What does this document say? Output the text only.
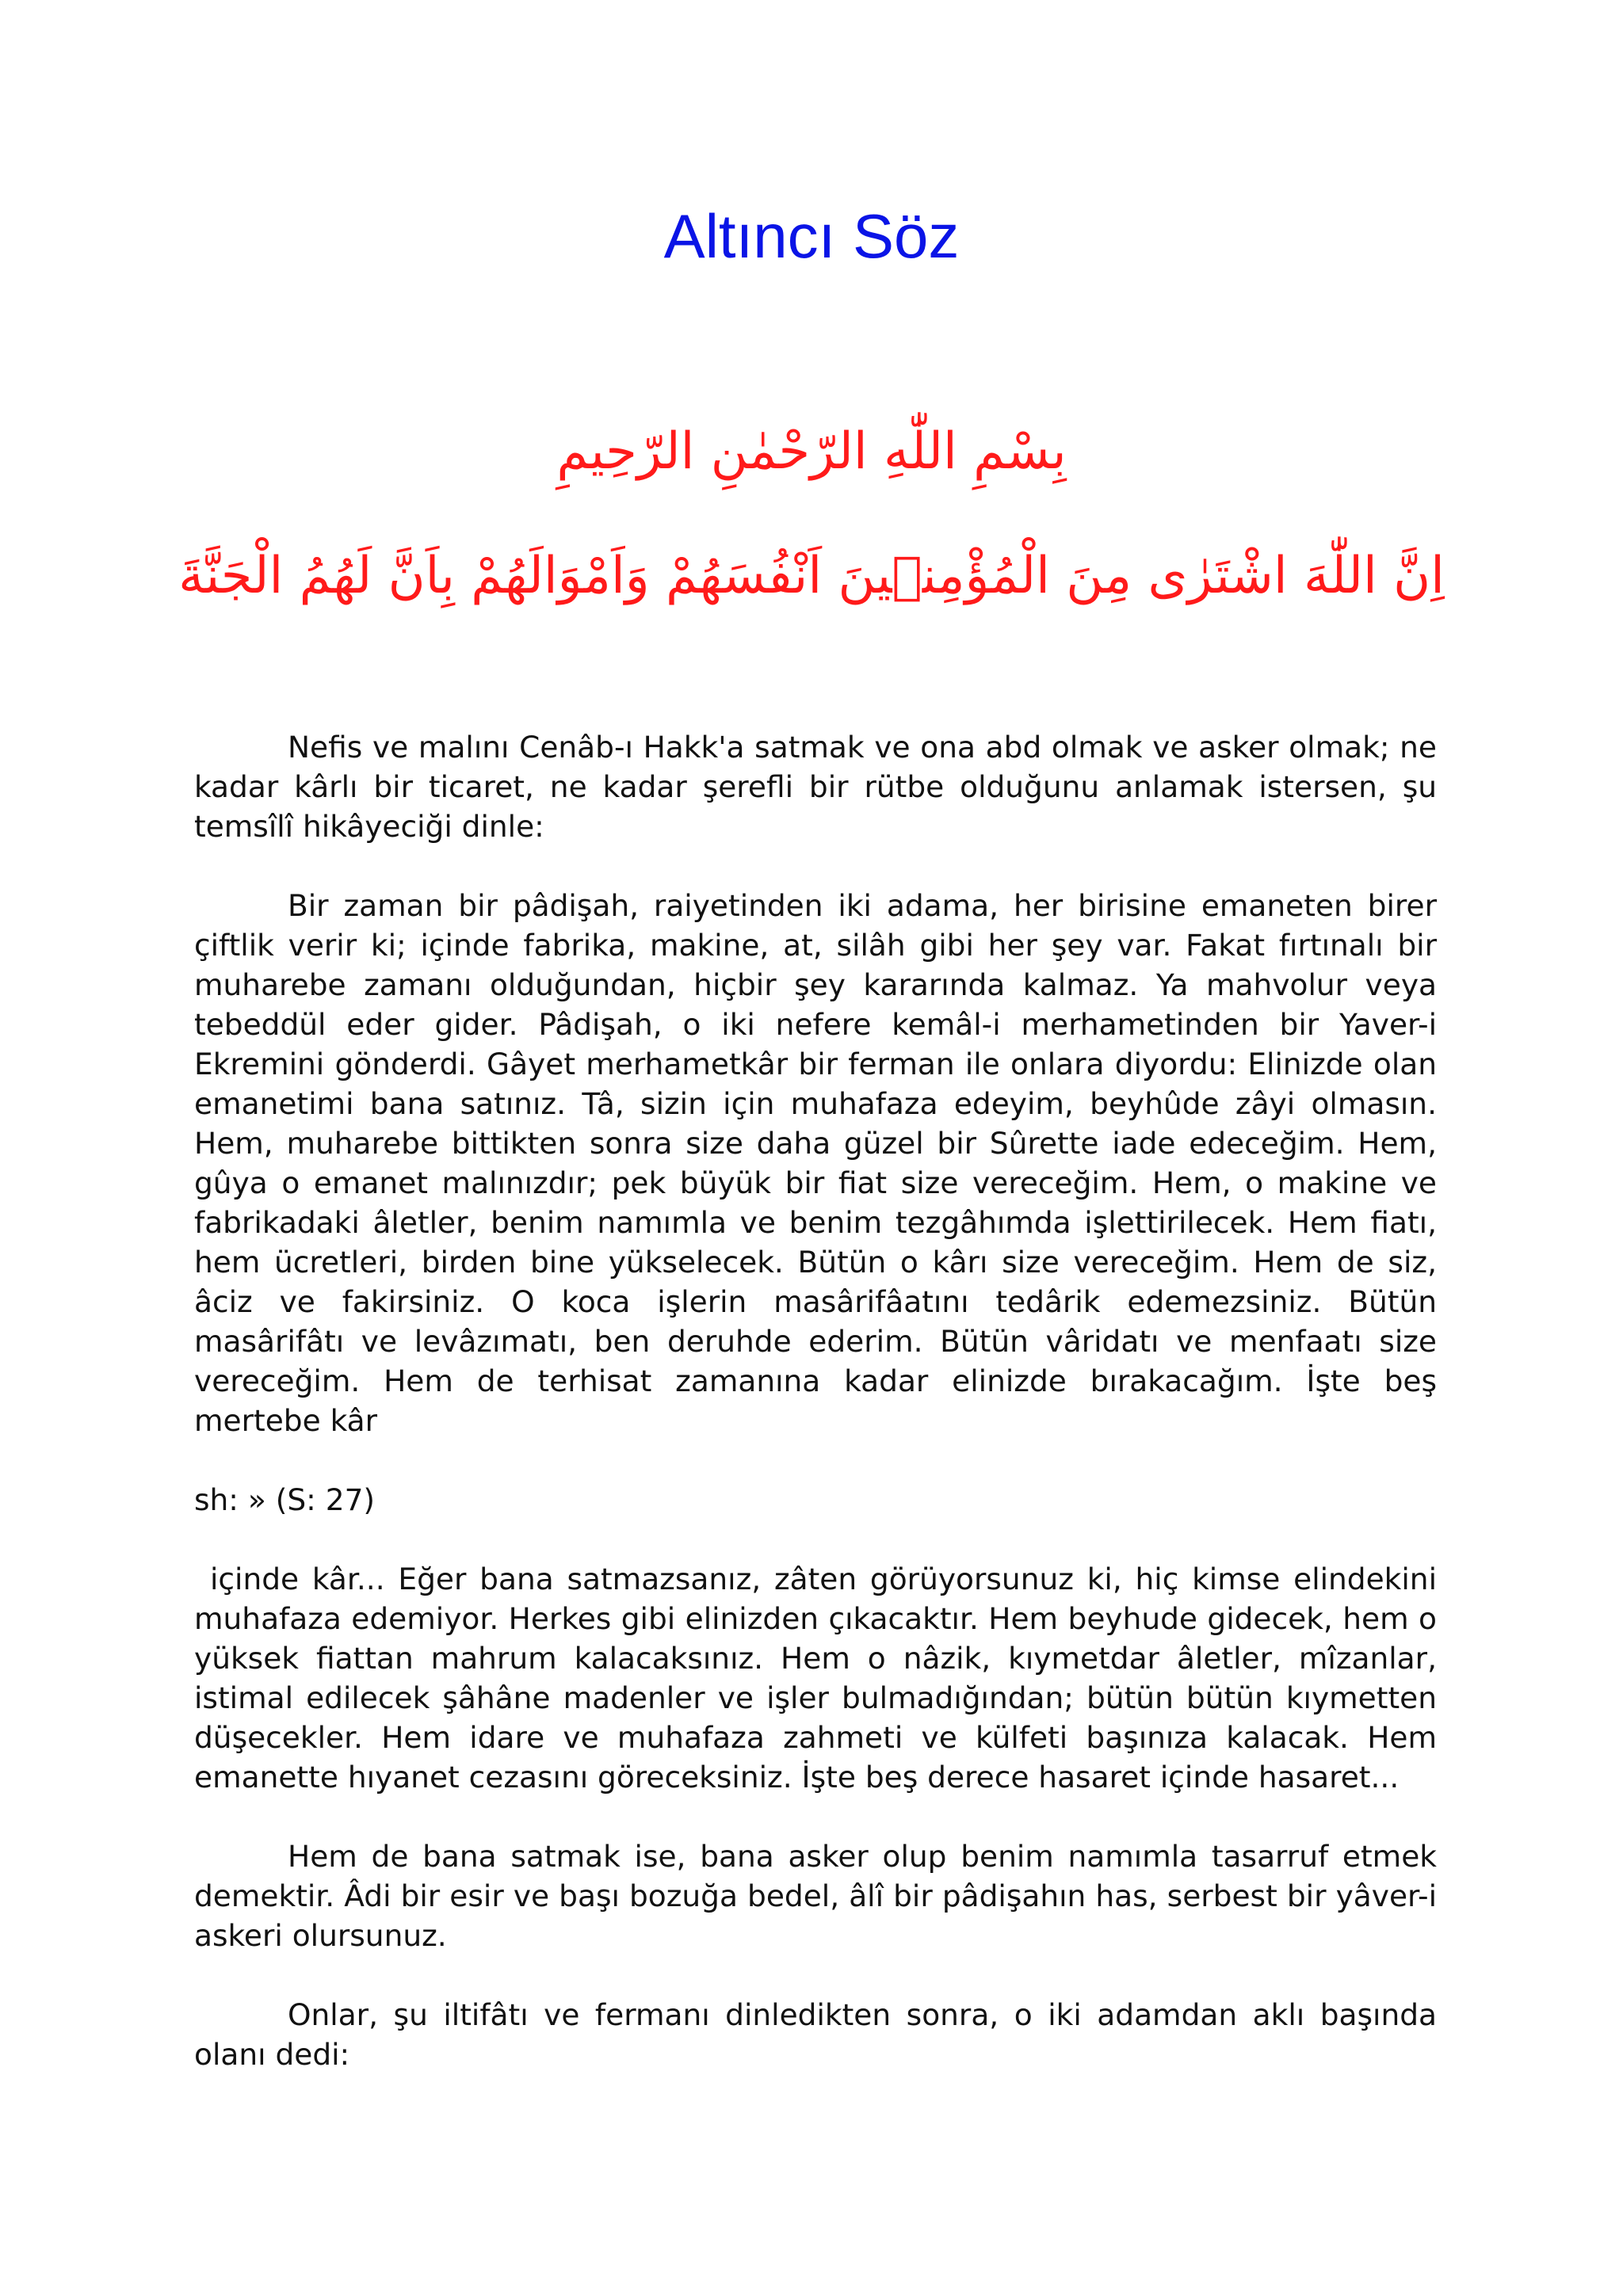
Altıncı Söz
بِسْمِ اللّٰهِ الرّحْمٰنِ الرّحِيمِ
اِنَّ اللّٰهَ اشْتَرٰى مِنَ الْمُؤْمِنٖينَ اَنْفُسَهُمْ وَاَمْوَالَهُمْ بِاَنَّ لَهُمُ الْجَنَّةَ

Nefis ve malını Cenâb-ı Hakk'a satmak ve ona abd olmak ve asker olmak; ne kadar kârlı bir ticaret, ne kadar şerefli bir rütbe olduğunu anlamak istersen, şu temsîlî hikâyeciği dinle:

Bir zaman bir pâdişah, raiyetinden iki adama, her birisine emaneten birer çiftlik verir ki; içinde fabrika, makine, at, silâh gibi her şey var. Fakat fırtınalı bir muharebe zamanı olduğundan, hiçbir şey kararında kalmaz. Ya mahvolur veya tebeddül eder gider. Pâdişah, o iki nefere kemâl-i merhametinden bir Yaver-i Ekremini gönderdi. Gâyet merhametkâr bir ferman ile onlara diyordu: Elinizde olan emanetimi bana satınız. Tâ, sizin için muhafaza edeyim, beyhûde zâyi olmasın. Hem, muharebe bittikten sonra size daha güzel bir Sûrette iade edeceğim. Hem, gûya o emanet malınızdır; pek büyük bir fiat size vereceğim. Hem, o makine ve fabrikadaki âletler, benim namımla ve benim tezgâhımda işlettirilecek. Hem fiatı, hem ücretleri, birden bine yükselecek. Bütün o kârı size vereceğim. Hem de siz, âciz ve fakirsiniz. O koca işlerin masârifâatını tedârik edemezsiniz. Bütün masârifâtı ve levâzımatı, ben deruhde ederim. Bütün vâridatı ve menfaatı size vereceğim. Hem de terhisat zamanına kadar elinizde bırakacağım. İşte beş mertebe kâr

sh: » (S: 27)

içinde kâr... Eğer bana satmazsanız, zâten görüyorsunuz ki, hiç kimse elindekini muhafaza edemiyor. Herkes gibi elinizden çıkacaktır. Hem beyhude gidecek, hem o yüksek fiattan mahrum kalacaksınız. Hem o nâzik, kıymetdar âletler, mîzanlar, istimal edilecek şâhâne madenler ve işler bulmadığından; bütün bütün kıymetten düşecekler. Hem idare ve muhafaza zahmeti ve külfeti başınıza kalacak. Hem emanette hıyanet cezasını göreceksiniz. İşte beş derece hasaret içinde hasaret...

Hem de bana satmak ise, bana asker olup benim namımla tasarruf etmek demektir. Âdi bir esir ve başı bozuğa bedel, âlî bir pâdişahın has, serbest bir yâver-i askeri olursunuz.

Onlar, şu iltifâtı ve fermanı dinledikten sonra, o iki adamdan aklı başında olanı dedi:
